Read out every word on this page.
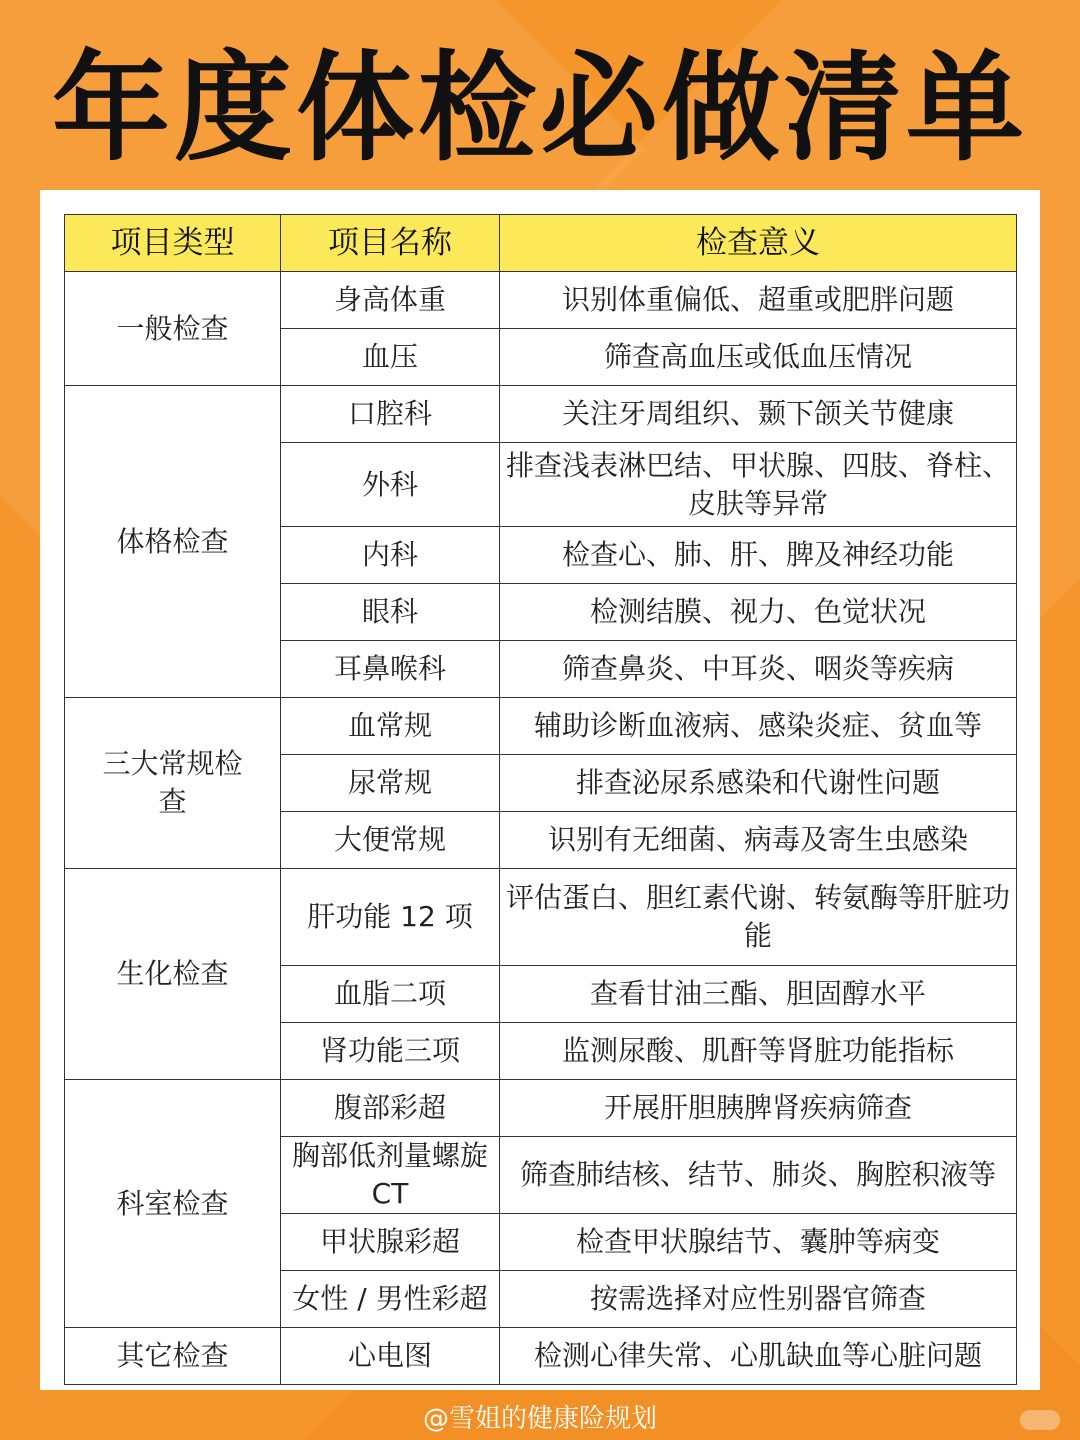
年度体检必做清单
项目类型	项目名称	检查意义
一般检查	身高体重	识别体重偏低、超重或肥胖问题
	血压	筛查高血压或低血压情况
体格检查	口腔科	关注牙周组织、颞下颌关节健康
	外科	排查浅表淋巴结、甲状腺、四肢、脊柱、皮肤等异常
	内科	检查心、肺、肝、脾及神经功能
	眼科	检测结膜、视力、色觉状况
	耳鼻喉科	筛查鼻炎、中耳炎、咽炎等疾病
三大常规检查	血常规	辅助诊断血液病、感染炎症、贫血等
	尿常规	排查泌尿系感染和代谢性问题
	大便常规	识别有无细菌、病毒及寄生虫感染
生化检查	肝功能 12 项	评估蛋白、胆红素代谢、转氨酶等肝脏功能
	血脂二项	查看甘油三酯、胆固醇水平
	肾功能三项	监测尿酸、肌酐等肾脏功能指标
科室检查	腹部彩超	开展肝胆胰脾肾疾病筛查
	胸部低剂量螺旋 CT	筛查肺结核、结节、肺炎、胸腔积液等
	甲状腺彩超	检查甲状腺结节、囊肿等病变
	女性 / 男性彩超	按需选择对应性别器官筛查
其它检查	心电图	检测心律失常、心肌缺血等心脏问题
@雪姐的健康险规划
